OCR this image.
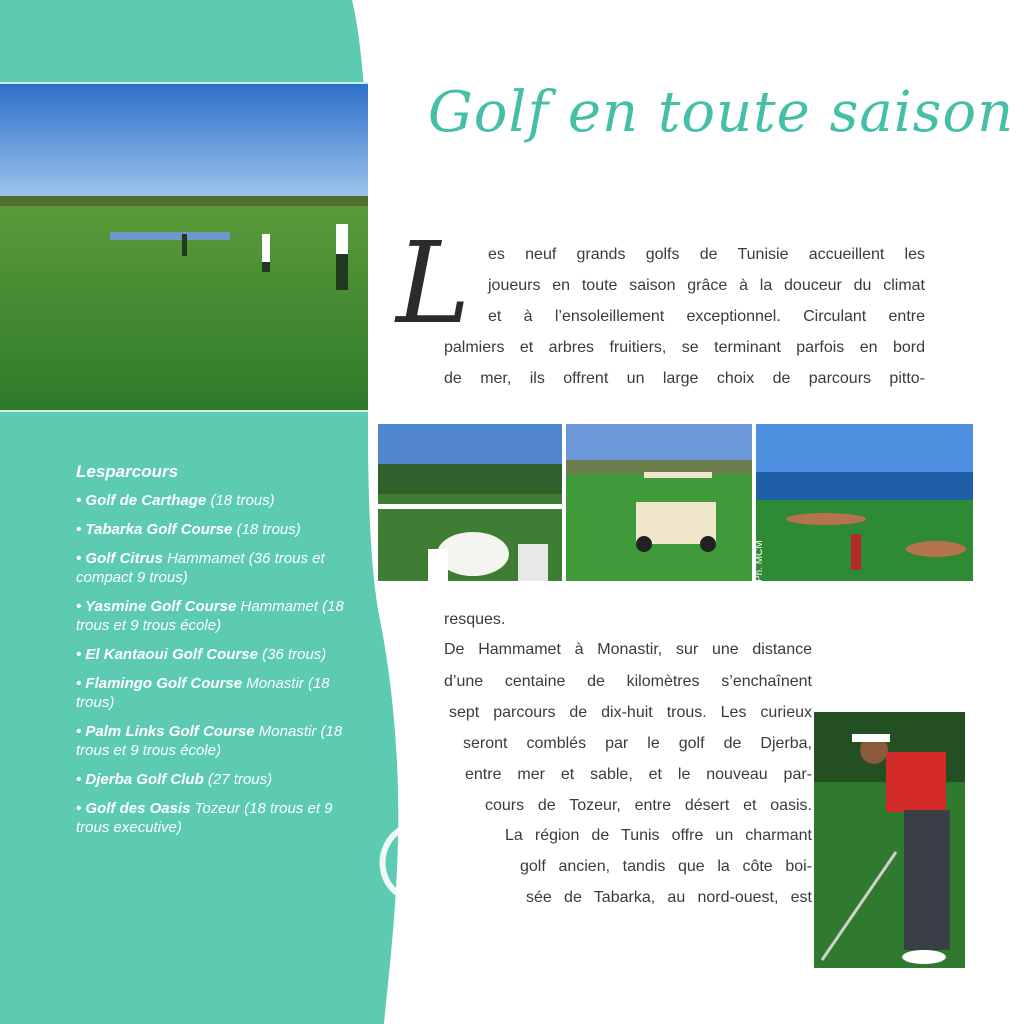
Golf en toute saison
L es neuf grands golfs de Tunisie accueillent les
joueurs en toute saison grâce à la douceur du climat
et à l’ensoleillement exceptionnel. Circulant entre
palmiers et arbres fruitiers, se terminant parfois en bord
de mer, ils offrent un large choix de parcours pitto-
Ph. MCM
resques.
De Hammamet à Monastir, sur une distance
d’une centaine de kilomètres s’enchaînent
sept parcours de dix-huit trous. Les curieux
seront comblés par le golf de Djerba,
entre mer et sable, et le nouveau par-
cours de Tozeur, entre désert et oasis.
La région de Tunis offre un charmant
golf ancien, tandis que la côte boi-
sée de Tabarka, au nord-ouest, est
Lesparcours
• Golf de Carthage (18 trous)
• Tabarka Golf Course (18 trous)
• Golf Citrus Hammamet (36 trous et compact 9 trous)
• Yasmine Golf Course Hammamet (18 trous et 9 trous école)
• El Kantaoui Golf Course (36 trous)
• Flamingo Golf Course Monastir (18 trous)
• Palm Links Golf Course Monastir (18 trous et 9 trous école)
• Djerba Golf Club (27 trous)
• Golf des Oasis Tozeur (18 trous et 9 trous executive)
